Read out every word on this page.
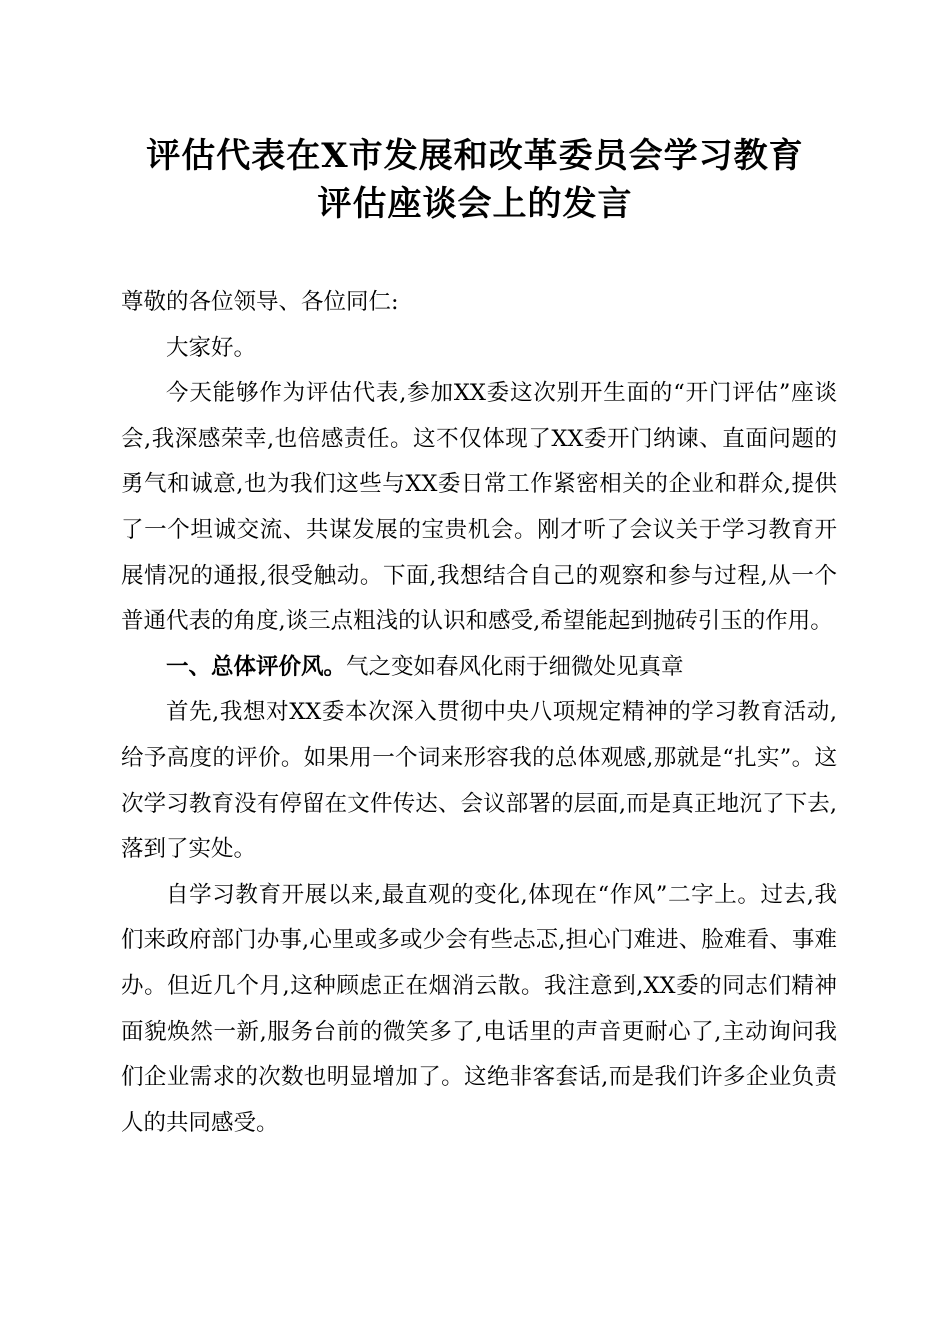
评估代表在X市发展和改革委员会学习教育
评估座谈会上的发言

尊敬的各位领导、各位同仁:

大家好。

今天能够作为评估代表,参加XX委这次别开生面的“开门评估”座谈会,我深感荣幸,也倍感责任。这不仅体现了XX委开门纳谏、直面问题的勇气和诚意,也为我们这些与XX委日常工作紧密相关的企业和群众,提供了一个坦诚交流、共谋发展的宝贵机会。刚才听了会议关于学习教育开展情况的通报,很受触动。下面,我想结合自己的观察和参与过程,从一个普通代表的角度,谈三点粗浅的认识和感受,希望能起到抛砖引玉的作用。

一、总体评价风。气之变如春风化雨于细微处见真章

首先,我想对XX委本次深入贯彻中央八项规定精神的学习教育活动,给予高度的评价。如果用一个词来形容我的总体观感,那就是“扎实”。这次学习教育没有停留在文件传达、会议部署的层面,而是真正地沉了下去,落到了实处。

自学习教育开展以来,最直观的变化,体现在“作风”二字上。过去,我们来政府部门办事,心里或多或少会有些忐忑,担心门难进、脸难看、事难办。但近几个月,这种顾虑正在烟消云散。我注意到,XX委的同志们精神面貌焕然一新,服务台前的微笑多了,电话里的声音更耐心了,主动询问我们企业需求的次数也明显增加了。这绝非客套话,而是我们许多企业负责人的共同感受。
